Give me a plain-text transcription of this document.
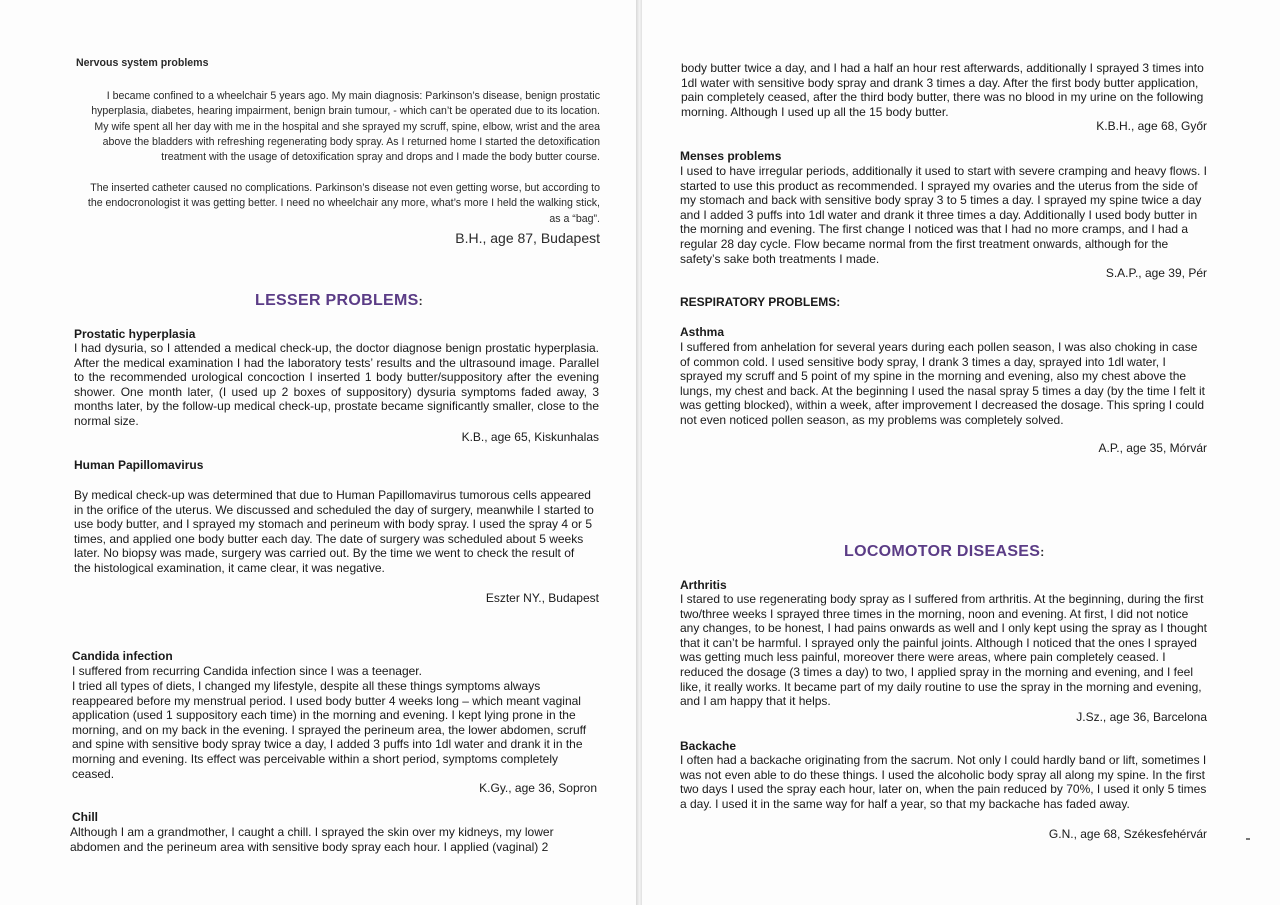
Nervous system problems
I became confined to a wheelchair 5 years ago. My main diagnosis: Parkinson’s disease, benign prostatic hyperplasia, diabetes, hearing impairment, benign brain tumour, - which can’t be operated due to its location. My wife spent all her day with me in the hospital and she sprayed my scruff, spine, elbow, wrist and the area above the bladders with refreshing regenerating body spray. As I returned home I started the detoxification treatment with the usage of detoxification spray and drops and I made the body butter course.
The inserted catheter caused no complications. Parkinson’s disease not even getting worse, but according to the endocronologist it was getting better. I need no wheelchair any more, what’s more I held the walking stick, as a “bag”.
B.H., age 87, Budapest
LESSER PROBLEMS:
Prostatic hyperplasia
I had dysuria, so I attended a medical check-up, the doctor diagnose benign prostatic hyperplasia. After the medical examination I had the laboratory tests’ results and the ultrasound image. Parallel to the recommended urological concoction I inserted 1 body butter/suppository after the evening shower. One month later, (I used up 2 boxes of suppository) dysuria symptoms faded away, 3 months later, by the follow-up medical check-up, prostate became significantly smaller, close to the normal size.
K.B., age 65, Kiskunhalas
Human Papillomavirus
By medical check-up was determined that due to Human Papillomavirus tumorous cells appeared in the orifice of the uterus. We discussed and scheduled the day of surgery, meanwhile I started to use body butter, and I sprayed my stomach and perineum with body spray. I used the spray 4 or 5 times, and applied one body butter each day. The date of surgery was scheduled about 5 weeks later. No biopsy was made, surgery was carried out. By the time we went to check the result of the histological examination, it came clear, it was negative.
Eszter NY., Budapest
Candida infection
I suffered from recurring Candida infection since I was a teenager.
I tried all types of diets, I changed my lifestyle, despite all these things symptoms always reappeared before my menstrual period. I used body butter 4 weeks long – which meant vaginal application (used 1 suppository each time) in the morning and evening. I kept lying prone in the morning, and on my back in the evening. I sprayed the perineum area, the lower abdomen, scruff and spine with sensitive body spray twice a day, I added 3 puffs into 1dl water and drank it in the morning and evening. Its effect was perceivable within a short period, symptoms completely ceased.
K.Gy., age 36, Sopron
Chill
Although I am a grandmother, I caught a chill. I sprayed the skin over my kidneys, my lower abdomen and the perineum area with sensitive body spray each hour. I applied (vaginal) 2
body butter twice a day, and I had a half an hour rest afterwards, additionally I sprayed 3 times into 1dl water with sensitive body spray and drank 3 times a day. After the first body butter application, pain completely ceased, after the third body butter, there was no blood in my urine on the following morning. Although I used up all the 15 body butter.
K.B.H., age 68, Győr
Menses problems
I used to have irregular periods, additionally it used to start with severe cramping and heavy flows. I started to use this product as recommended. I sprayed my ovaries and the uterus from the side of my stomach and back with sensitive body spray 3 to 5 times a day. I sprayed my spine twice a day and I added 3 puffs into 1dl water and drank it three times a day. Additionally I used body butter in the morning and evening. The first change I noticed was that I had no more cramps, and I had a regular 28 day cycle. Flow became normal from the first treatment onwards, although for the safety’s sake both treatments I made.
S.A.P., age 39, Pér
RESPIRATORY PROBLEMS:
Asthma
I suffered from anhelation for several years during each pollen season, I was also choking in case of common cold. I used sensitive body spray, I drank 3 times a day, sprayed into 1dl water, I sprayed my scruff and 5 point of my spine in the morning and evening, also my chest above the lungs, my chest and back. At the beginning I used the nasal spray 5 times a day (by the time I felt it was getting blocked), within a week, after improvement I decreased the dosage. This spring I could not even noticed pollen season, as my problems was completely solved.
A.P., age 35, Mórvár
LOCOMOTOR DISEASES:
Arthritis
I stared to use regenerating body spray as I suffered from arthritis. At the beginning, during the first two/three weeks I sprayed three times in the morning, noon and evening. At first, I did not notice any changes, to be honest, I had pains onwards as well and I only kept using the spray as I thought that it can’t be harmful. I sprayed only the painful joints. Although I noticed that the ones I sprayed was getting much less painful, moreover there were areas, where pain completely ceased. I reduced the dosage (3 times a day) to two, I applied spray in the morning and evening, and I feel like, it really works. It became part of my daily routine to use the spray in the morning and evening, and I am happy that it helps.
J.Sz., age 36, Barcelona
Backache
I often had a backache originating from the sacrum. Not only I could hardly band or lift, sometimes I was not even able to do these things. I used the alcoholic body spray all along my spine. In the first two days I used the spray each hour, later on, when the pain reduced by 70%, I used it only 5 times a day. I used it in the same way for half a year, so that my backache has faded away.
G.N., age 68, Székesfehérvár
